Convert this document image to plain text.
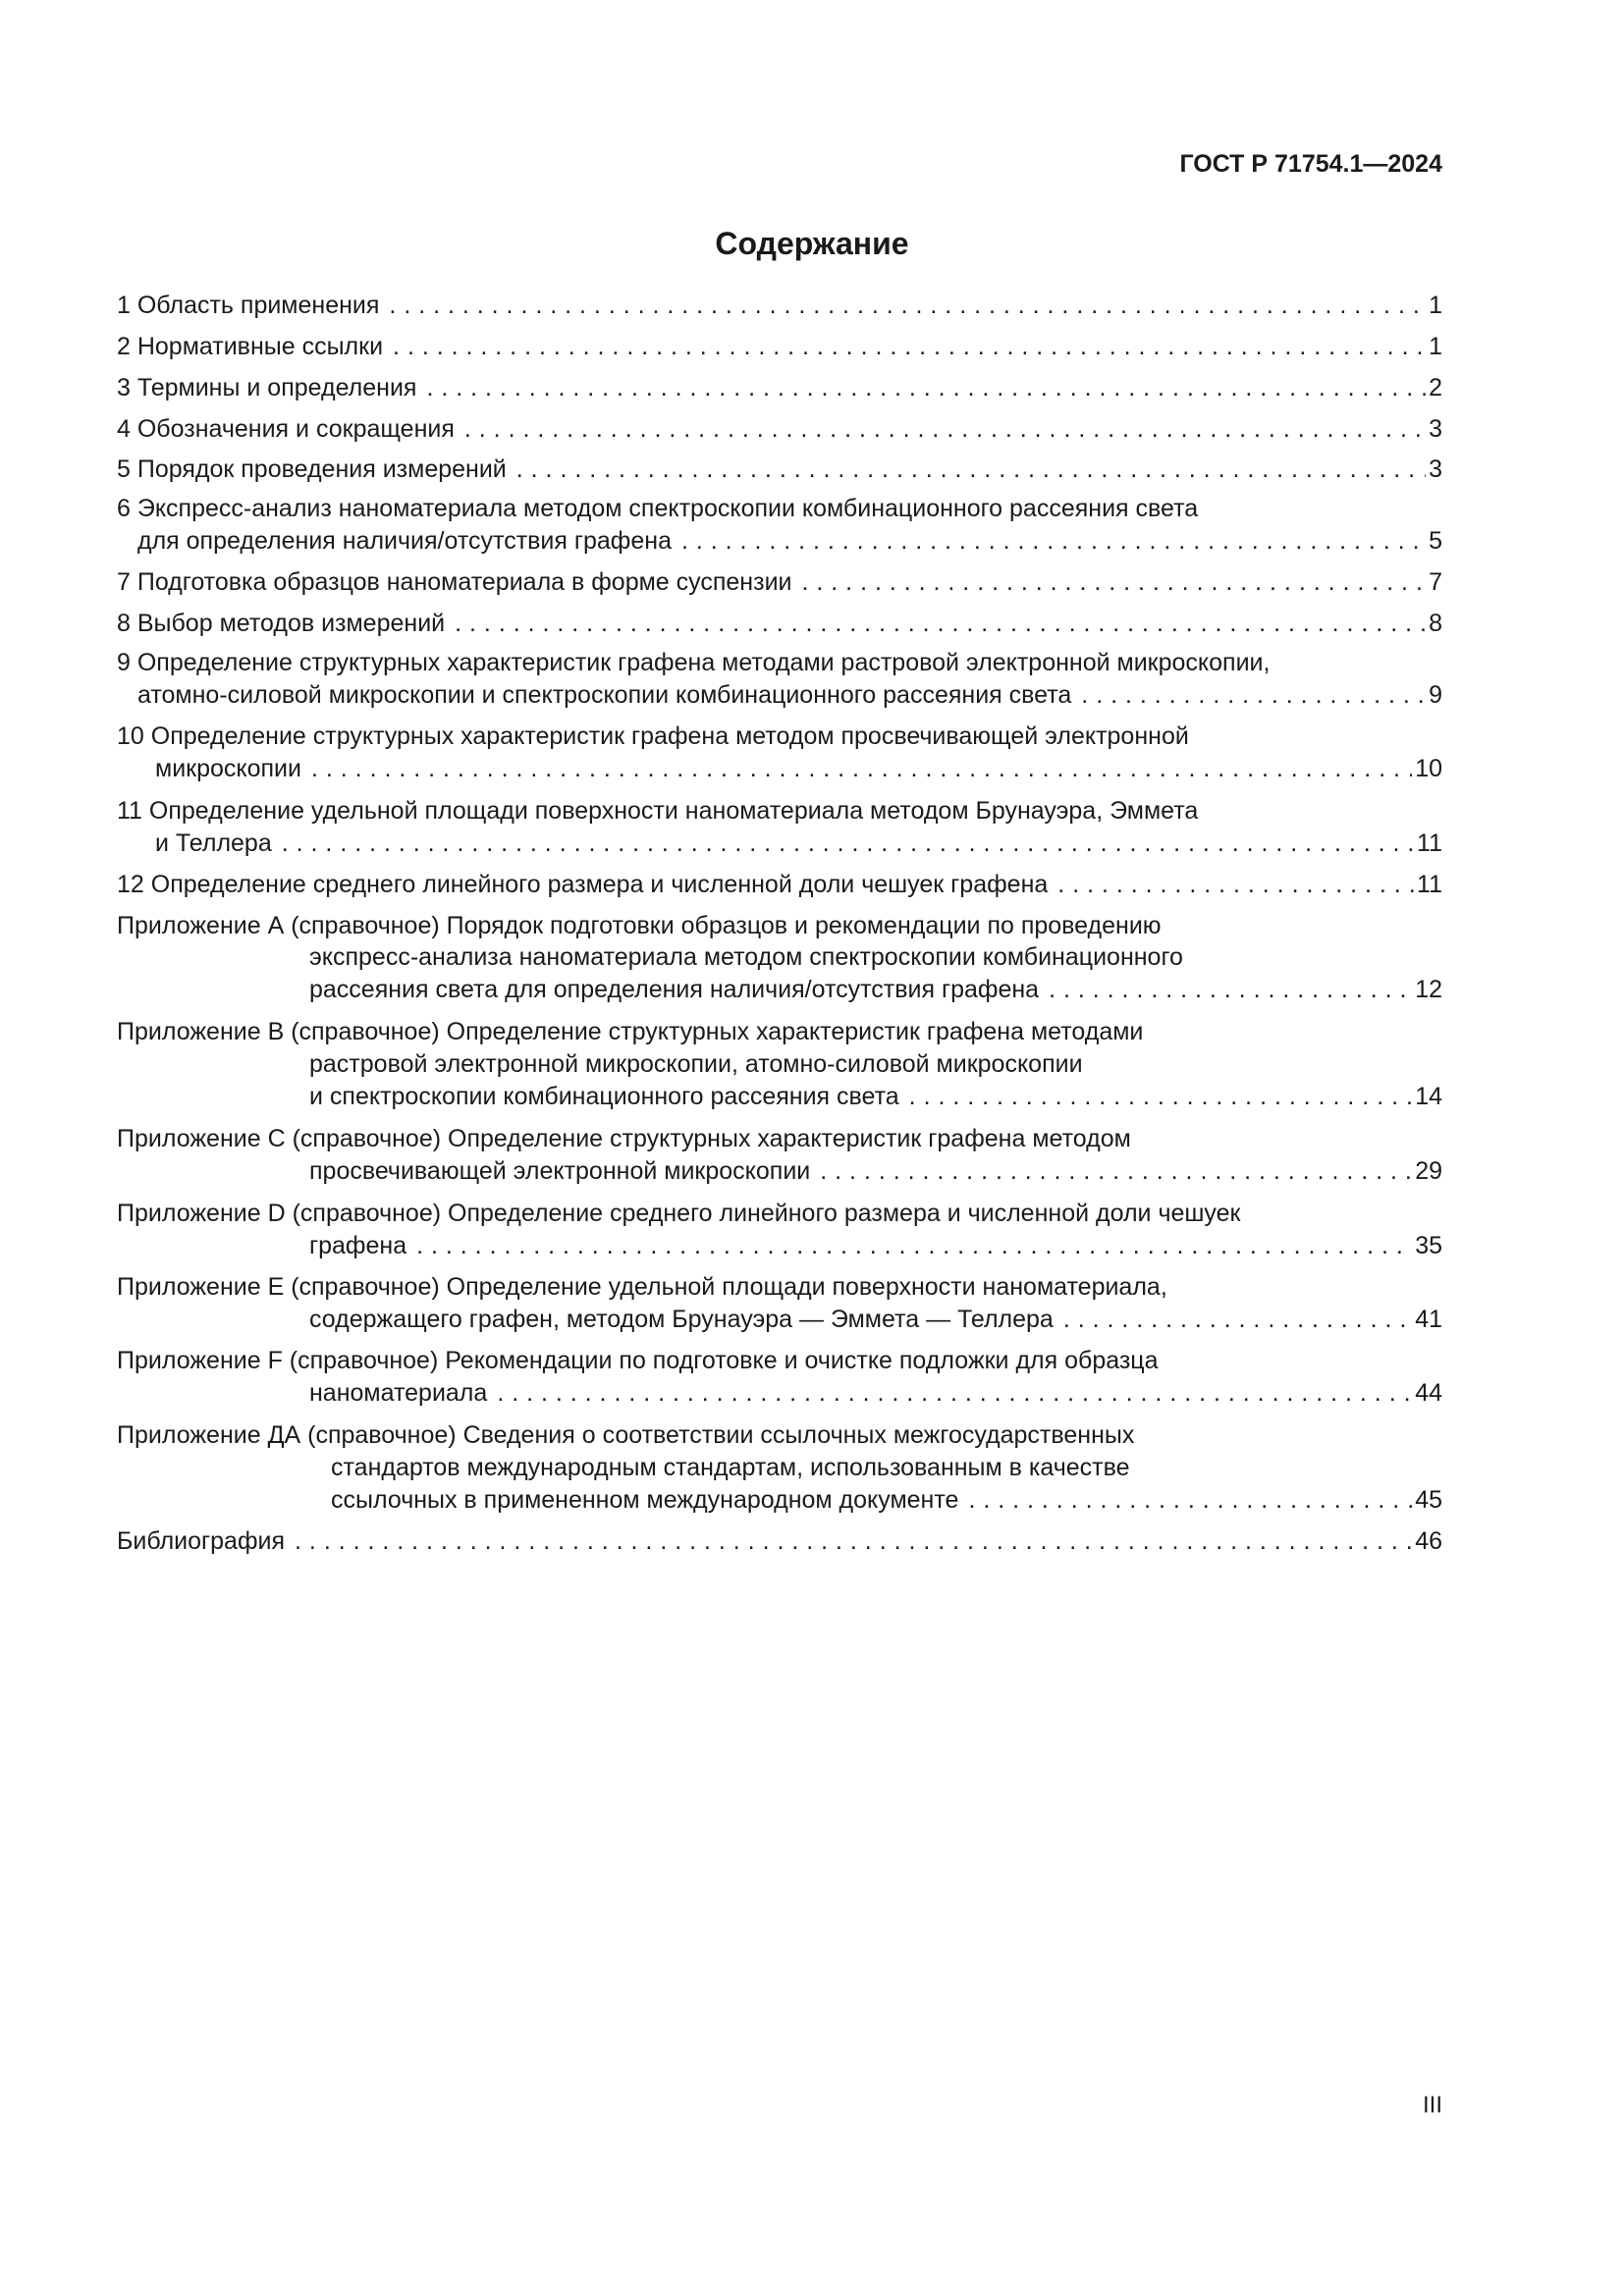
ГОСТ Р 71754.1—2024
Содержание
1 Область применения . . .	1
2 Нормативные ссылки . . .	1
3 Термины и определения . . .	2
4 Обозначения и сокращения . . .	3
5 Порядок проведения измерений . . .	3
6 Экспресс-анализ наноматериала методом спектроскопии комбинационного рассеяния света
для определения наличия/отсутствия графена . . .	5
7 Подготовка образцов наноматериала в форме суспензии . . .	7
8 Выбор методов измерений . . .	8
9 Определение структурных характеристик графена методами растровой электронной микроскопии,
атомно-силовой микроскопии и спектроскопии комбинационного рассеяния света . . .	9
10 Определение структурных характеристик графена методом просвечивающей электронной
микроскопии . . .	10
11 Определение удельной площади поверхности наноматериала методом Брунауэра, Эммета
и Теллера . . .	11
12 Определение среднего линейного размера и численной доли чешуек графена . . .	11
Приложение А (справочное) Порядок подготовки образцов и рекомендации по проведению
экспресс-анализа наноматериала методом спектроскопии комбинационного
рассеяния света для определения наличия/отсутствия графена . . .	12
Приложение В (справочное) Определение структурных характеристик графена методами
растровой электронной микроскопии, атомно-силовой микроскопии
и спектроскопии комбинационного рассеяния света . . .	14
Приложение С (справочное) Определение структурных характеристик графена методом
просвечивающей электронной микроскопии . . .	29
Приложение D (справочное) Определение среднего линейного размера и численной доли чешуек
графена . . .	35
Приложение Е (справочное) Определение удельной площади поверхности наноматериала,
содержащего графен, методом Брунауэра — Эммета — Теллера . . .	41
Приложение F (справочное) Рекомендации по подготовке и очистке подложки для образца
наноматериала . . .	44
Приложение ДА (справочное) Сведения о соответствии ссылочных межгосударственных
стандартов международным стандартам, использованным в качестве
ссылочных в примененном международном документе . . .	45
Библиография . . .	46
III
